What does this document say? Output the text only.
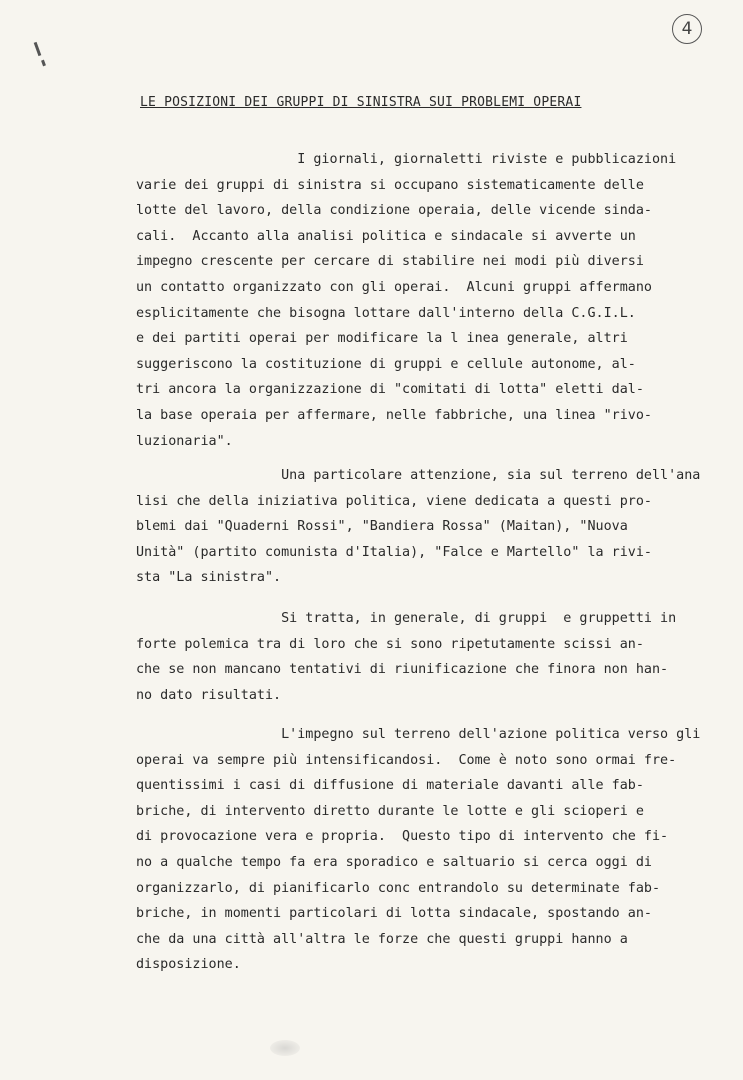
4
LE POSIZIONI DEI GRUPPI DI SINISTRA SUI PROBLEMI OPERAI
I giornali, giornaletti riviste e pubblicazioni
varie dei gruppi di sinistra si occupano sistematicamente delle
lotte del lavoro, della condizione operaia, delle vicende sinda-
cali.  Accanto alla analisi politica e sindacale si avverte un
impegno crescente per cercare di stabilire nei modi più diversi
un contatto organizzato con gli operai.  Alcuni gruppi affermano
esplicitamente che bisogna lottare dall'interno della C.G.I.L.
e dei partiti operai per modificare la l inea generale, altri
suggeriscono la costituzione di gruppi e cellule autonome, al-
tri ancora la organizzazione di "comitati di lotta" eletti dal-
la base operaia per affermare, nelle fabbriche, una linea "rivo-
luzionaria".
Una particolare attenzione, sia sul terreno dell'ana
lisi che della iniziativa politica, viene dedicata a questi pro-
blemi dai "Quaderni Rossi", "Bandiera Rossa" (Maitan), "Nuova
Unità" (partito comunista d'Italia), "Falce e Martello" la rivi-
sta "La sinistra".
Si tratta, in generale, di gruppi  e gruppetti in
forte polemica tra di loro che si sono ripetutamente scissi an-
che se non mancano tentativi di riunificazione che finora non han-
no dato risultati.
L'impegno sul terreno dell'azione politica verso gli
operai va sempre più intensificandosi.  Come è noto sono ormai fre-
quentissimi i casi di diffusione di materiale davanti alle fab-
briche, di intervento diretto durante le lotte e gli scioperi e
di provocazione vera e propria.  Questo tipo di intervento che fi-
no a qualche tempo fa era sporadico e saltuario si cerca oggi di
organizzarlo, di pianificarlo conc entrandolo su determinate fab-
briche, in momenti particolari di lotta sindacale, spostando an-
che da una città all'altra le forze che questi gruppi hanno a
disposizione.
